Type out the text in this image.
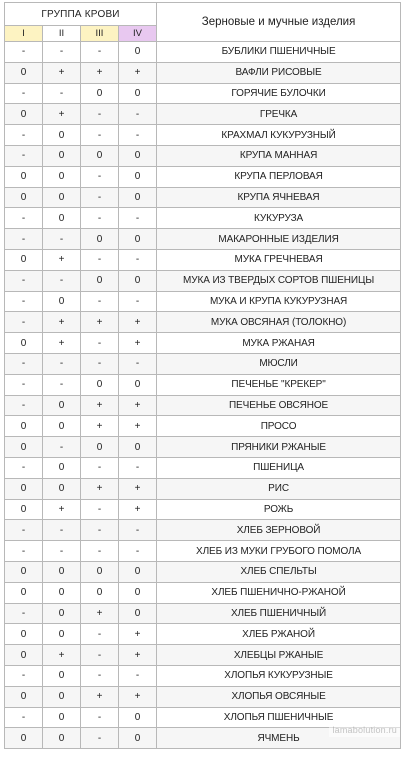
ГРУППА КРОВИ				Зерновые и мучные изделия
I	II	III	IV	
-	-	-	0	БУБЛИКИ ПШЕНИЧНЫЕ
0	+	+	+	ВАФЛИ РИСОВЫЕ
-	-	0	0	ГОРЯЧИЕ БУЛОЧКИ
0	+	-	-	ГРЕЧКА
-	0	-	-	КРАХМАЛ КУКУРУЗНЫЙ
-	0	0	0	КРУПА МАННАЯ
0	0	-	0	КРУПА ПЕРЛОВАЯ
0	0	-	0	КРУПА ЯЧНЕВАЯ
-	0	-	-	КУКУРУЗА
-	-	0	0	МАКАРОННЫЕ ИЗДЕЛИЯ
0	+	-	-	МУКА ГРЕЧНЕВАЯ
-	-	0	0	МУКА ИЗ ТВЕРДЫХ СОРТОВ ПШЕНИЦЫ
-	0	-	-	МУКА И КРУПА КУКУРУЗНАЯ
-	+	+	+	МУКА ОВСЯНАЯ (ТОЛОКНО)
0	+	-	+	МУКА РЖАНАЯ
-	-	-	-	МЮСЛИ
-	-	0	0	ПЕЧЕНЬЕ "КРЕКЕР"
-	0	+	+	ПЕЧЕНЬЕ ОВСЯНОЕ
0	0	+	+	ПРОСО
0	-	0	0	ПРЯНИКИ РЖАНЫЕ
-	0	-	-	ПШЕНИЦА
0	0	+	+	РИС
0	+	-	+	РОЖЬ
-	-	-	-	ХЛЕБ ЗЕРНОВОЙ
-	-	-	-	ХЛЕБ ИЗ МУКИ ГРУБОГО ПОМОЛА
0	0	0	0	ХЛЕБ СПЕЛЬТЫ
0	0	0	0	ХЛЕБ ПШЕНИЧНО-РЖАНОЙ
-	0	+	0	ХЛЕБ ПШЕНИЧНЫЙ
0	0	-	+	ХЛЕБ РЖАНОЙ
0	+	-	+	ХЛЕБЦЫ РЖАНЫЕ
-	0	-	-	ХЛОПЬЯ КУКУРУЗНЫЕ
0	0	+	+	ХЛОПЬЯ ОВСЯНЫЕ
-	0	-	0	ХЛОПЬЯ ПШЕНИЧНЫЕ
0	0	-	0	ЯЧМЕНЬ
lamabolution.ru
